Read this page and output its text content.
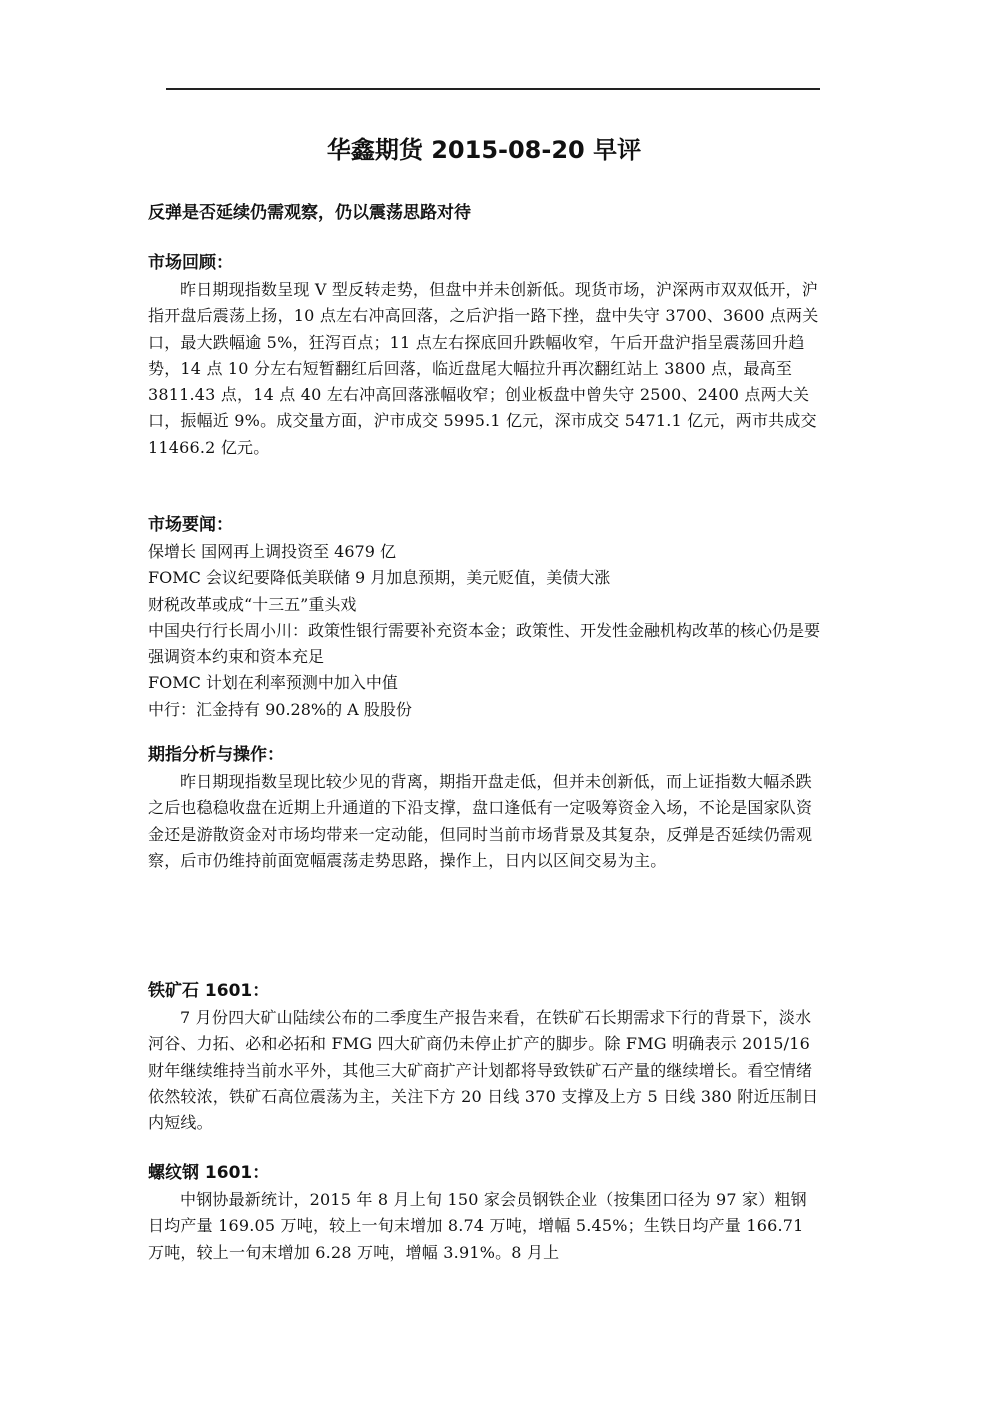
华鑫期货 2015-08-20 早评
反弹是否延续仍需观察，仍以震荡思路对待
市场回顾：

昨日期现指数呈现 V 型反转走势，但盘中并未创新低。现货市场，沪深两市双双低开，沪指开盘后震荡上扬，10 点左右冲高回落，之后沪指一路下挫，盘中失守 3700、3600 点两关口，最大跌幅逾 5%，狂泻百点；11 点左右探底回升跌幅收窄，午后开盘沪指呈震荡回升趋势，14 点 10 分左右短暂翻红后回落，临近盘尾大幅拉升再次翻红站上 3800 点，最高至 3811.43 点，14 点 40 左右冲高回落涨幅收窄；创业板盘中曾失守 2500、2400 点两大关口，振幅近 9%。成交量方面，沪市成交 5995.1 亿元，深市成交 5471.1 亿元，两市共成交 11466.2 亿元。

市场要闻：
保增长 国网再上调投资至 4679 亿
FOMC 会议纪要降低美联储 9 月加息预期，美元贬值，美债大涨
财税改革或成“十三五”重头戏
中国央行行长周小川：政策性银行需要补充资本金；政策性、开发性金融机构改革的核心仍是要强调资本约束和资本充足
FOMC 计划在利率预测中加入中值
中行：汇金持有 90.28%的 A 股股份
期指分析与操作：

昨日期现指数呈现比较少见的背离，期指开盘走低，但并未创新低，而上证指数大幅杀跌之后也稳稳收盘在近期上升通道的下沿支撑，盘口逢低有一定吸筹资金入场，不论是国家队资金还是游散资金对市场均带来一定动能，但同时当前市场背景及其复杂，反弹是否延续仍需观察，后市仍维持前面宽幅震荡走势思路，操作上，日内以区间交易为主。

铁矿石 1601：

7 月份四大矿山陆续公布的二季度生产报告来看，在铁矿石长期需求下行的背景下，淡水河谷、力拓、必和必拓和 FMG 四大矿商仍未停止扩产的脚步。除 FMG 明确表示 2015/16 财年继续维持当前水平外，其他三大矿商扩产计划都将导致铁矿石产量的继续增长。看空情绪依然较浓，铁矿石高位震荡为主，关注下方 20 日线 370 支撑及上方 5 日线 380 附近压制日内短线。

螺纹钢 1601：

中钢协最新统计，2015 年 8 月上旬 150 家会员钢铁企业（按集团口径为 97 家）粗钢日均产量 169.05 万吨，较上一旬末增加 8.74 万吨，增幅 5.45%；生铁日均产量 166.71 万吨，较上一旬末增加 6.28 万吨，增幅 3.91%。8 月上
